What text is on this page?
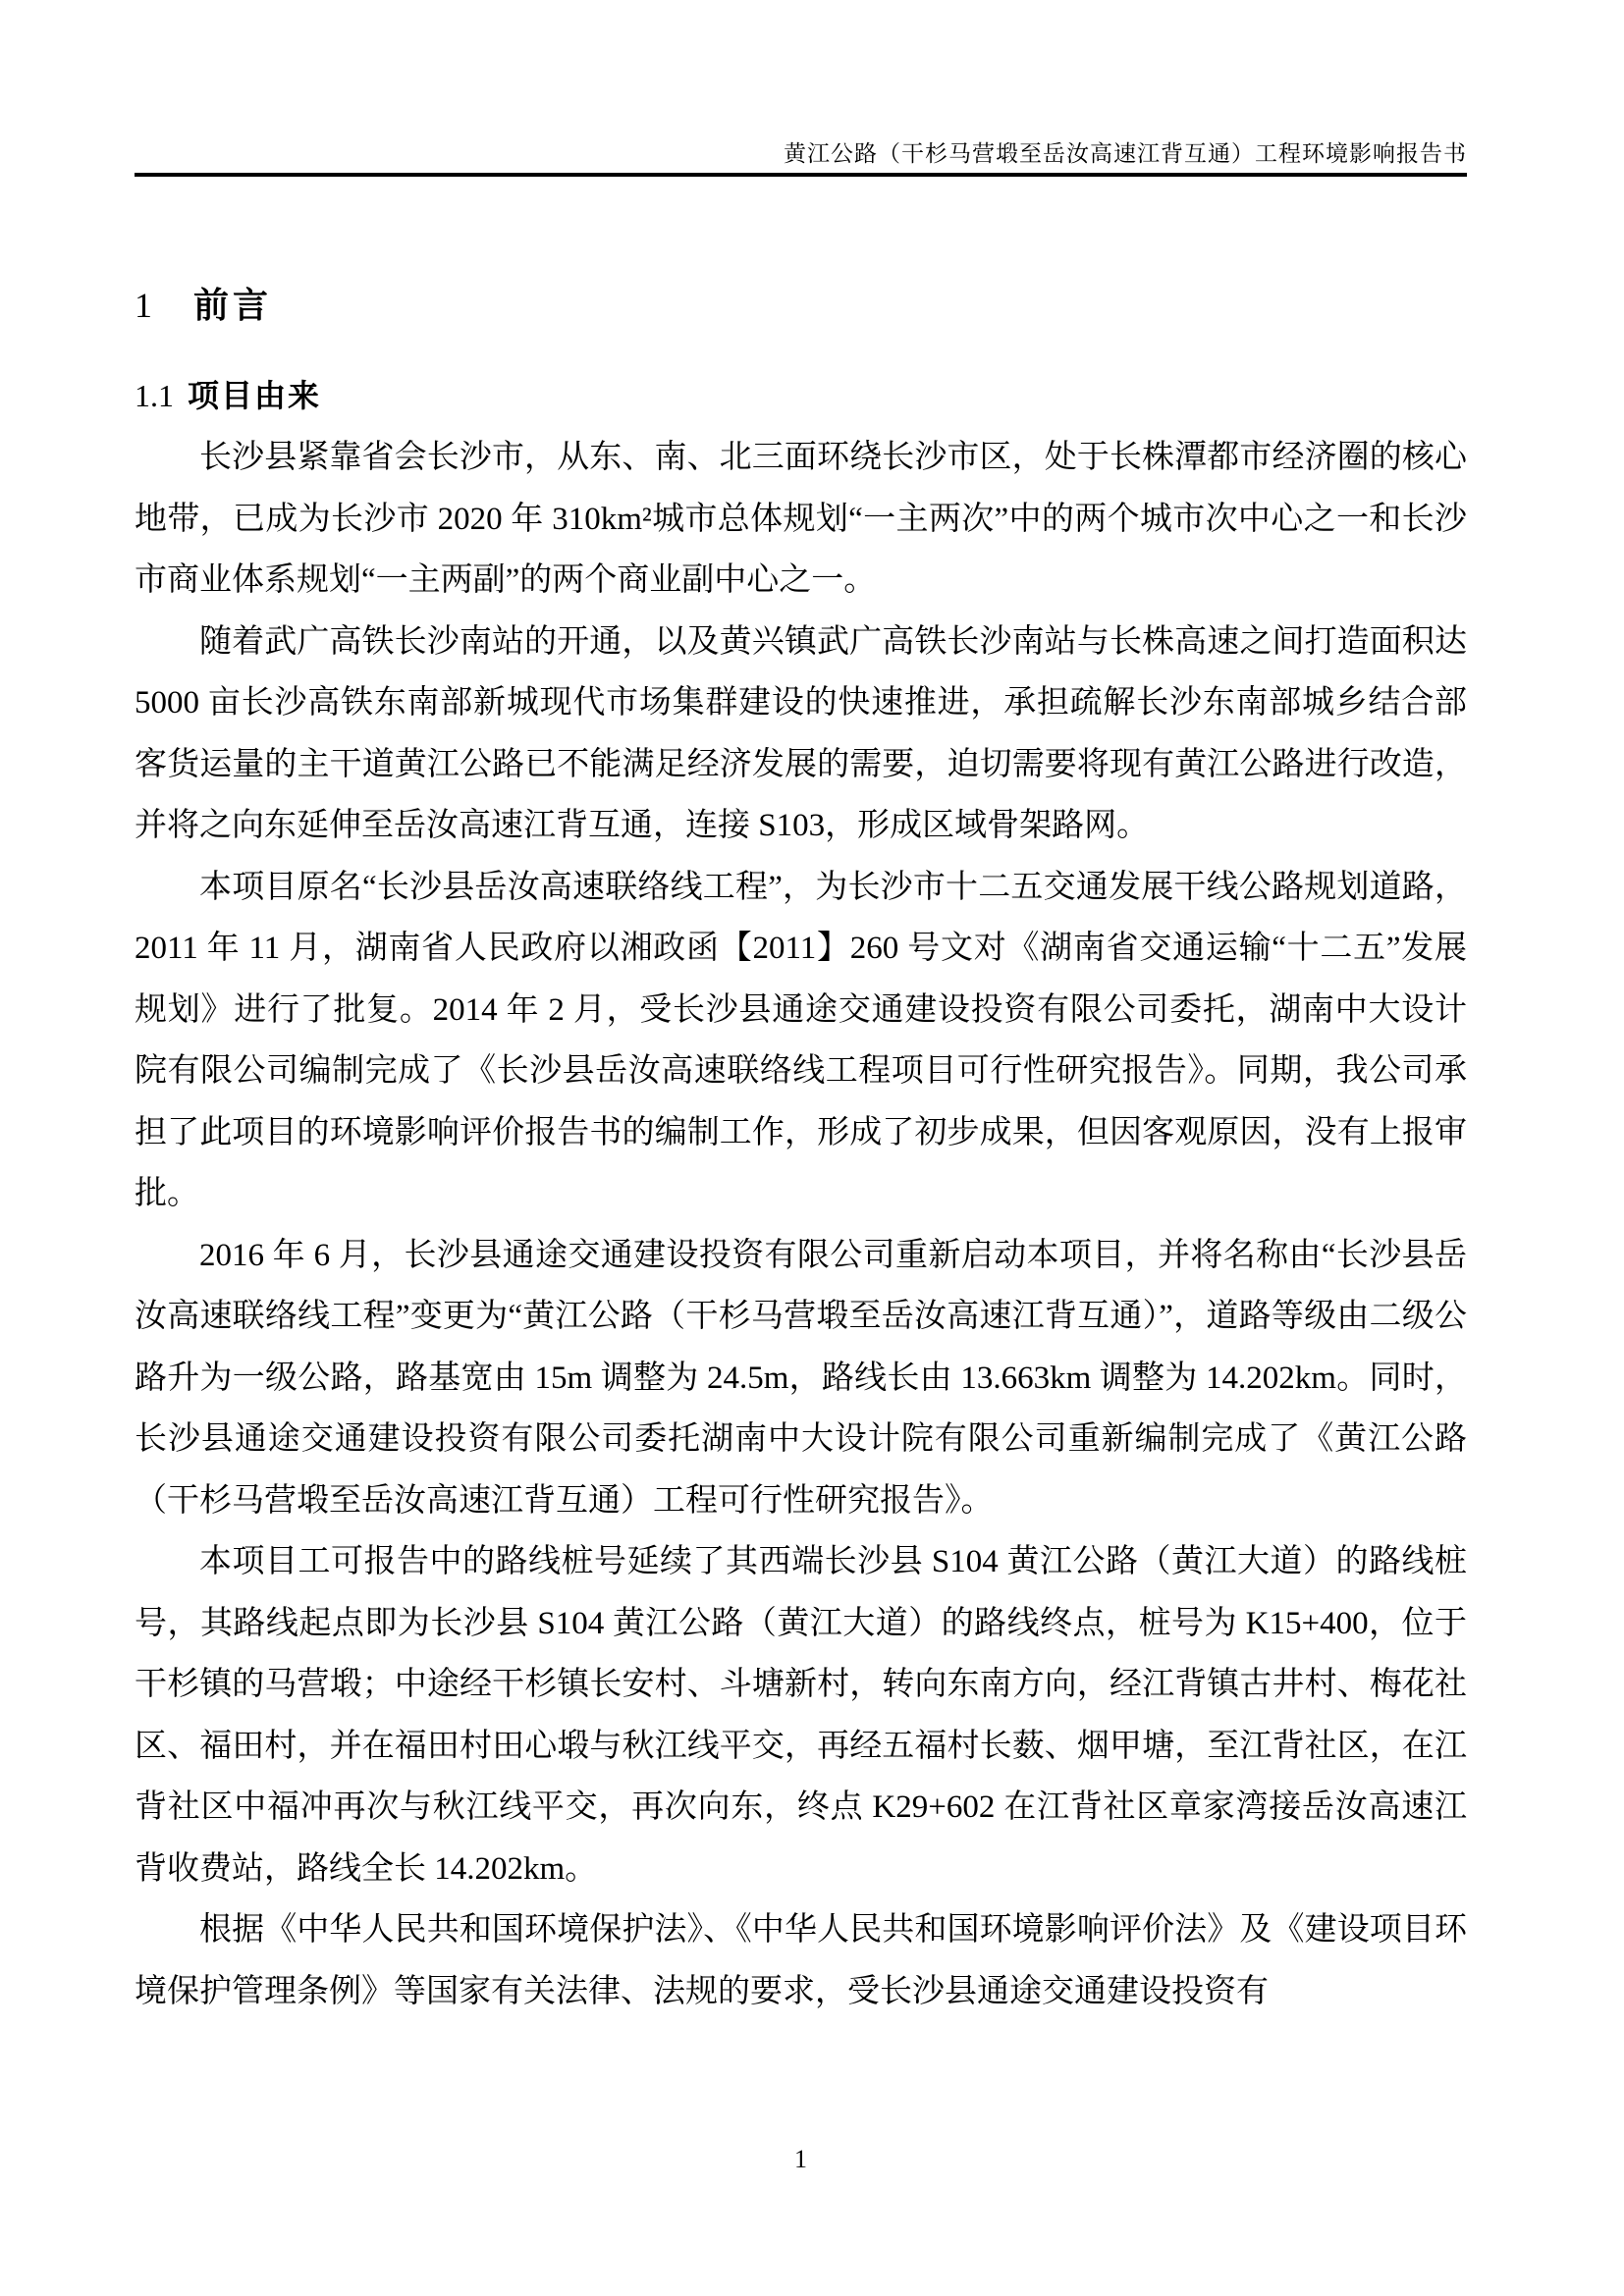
黄江公路（干杉马营塅至岳汝高速江背互通）工程环境影响报告书
1 前言
1.1 项目由来

长沙县紧靠省会长沙市，从东、南、北三面环绕长沙市区，处于长株潭都市经济圈的核心地带，已成为长沙市 2020 年 310km²城市总体规划“一主两次”中的两个城市次中心之一和长沙市商业体系规划“一主两副”的两个商业副中心之一。

随着武广高铁长沙南站的开通，以及黄兴镇武广高铁长沙南站与长株高速之间打造面积达 5000 亩长沙高铁东南部新城现代市场集群建设的快速推进，承担疏解长沙东南部城乡结合部客货运量的主干道黄江公路已不能满足经济发展的需要，迫切需要将现有黄江公路进行改造，并将之向东延伸至岳汝高速江背互通，连接 S103，形成区域骨架路网。

本项目原名“长沙县岳汝高速联络线工程”，为长沙市十二五交通发展干线公路规划道路，2011 年 11 月，湖南省人民政府以湘政函【2011】260 号文对《湖南省交通运输“十二五”发展规划》进行了批复。2014 年 2 月，受长沙县通途交通建设投资有限公司委托，湖南中大设计院有限公司编制完成了《长沙县岳汝高速联络线工程项目可行性研究报告》。同期，我公司承担了此项目的环境影响评价报告书的编制工作，形成了初步成果，但因客观原因，没有上报审批。

2016 年 6 月，长沙县通途交通建设投资有限公司重新启动本项目，并将名称由“长沙县岳汝高速联络线工程”变更为“黄江公路（干杉马营塅至岳汝高速江背互通）”，道路等级由二级公路升为一级公路，路基宽由 15m 调整为 24.5m，路线长由 13.663km 调整为 14.202km。同时，长沙县通途交通建设投资有限公司委托湖南中大设计院有限公司重新编制完成了《黄江公路（干杉马营塅至岳汝高速江背互通）工程可行性研究报告》。

本项目工可报告中的路线桩号延续了其西端长沙县 S104 黄江公路（黄江大道）的路线桩号，其路线起点即为长沙县 S104 黄江公路（黄江大道）的路线终点，桩号为 K15+400，位于干杉镇的马营塅；中途经干杉镇长安村、斗塘新村，转向东南方向，经江背镇古井村、梅花社区、福田村，并在福田村田心塅与秋江线平交，再经五福村长薮、烟甲塘，至江背社区，在江背社区中福冲再次与秋江线平交，再次向东，终点 K29+602 在江背社区章家湾接岳汝高速江背收费站，路线全长 14.202km。

根据《中华人民共和国环境保护法》、《中华人民共和国环境影响评价法》及《建设项目环境保护管理条例》等国家有关法律、法规的要求，受长沙县通途交通建设投资有

1
